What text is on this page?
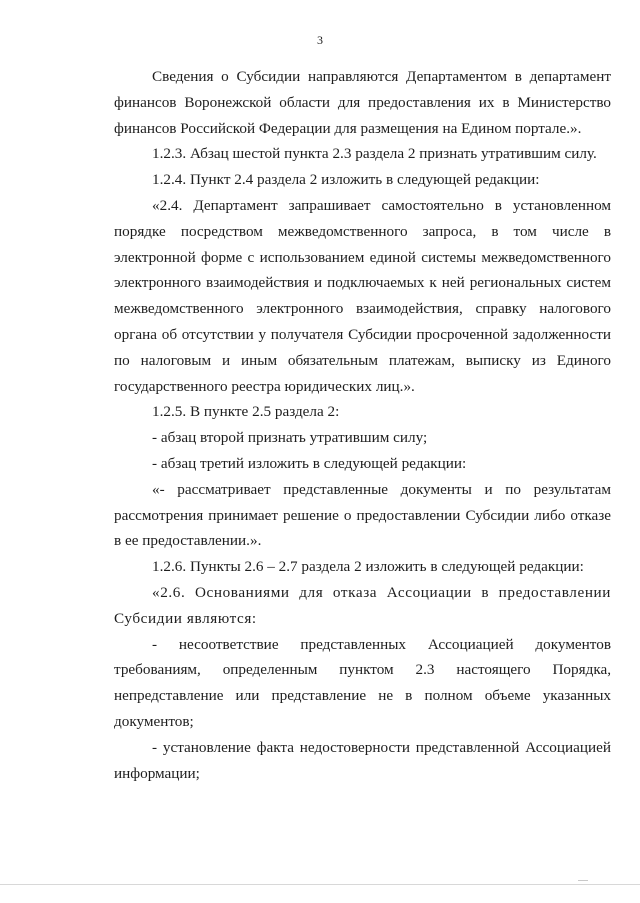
3

Сведения о Субсидии направляются Департаментом в департамент финансов Воронежской области для предоставления их в Министерство финансов Российской Федерации для размещения на Едином портале.».

1.2.3. Абзац шестой пункта 2.3 раздела 2 признать утратившим силу.

1.2.4. Пункт 2.4 раздела 2 изложить в следующей редакции:

«2.4. Департамент запрашивает самостоятельно в установленном порядке посредством межведомственного запроса, в том числе в электронной форме с использованием единой системы межведомственного электронного взаимодействия и подключаемых к ней региональных систем межведомственного электронного взаимодействия, справку налогового органа об отсутствии у получателя Субсидии просроченной задолженности по налоговым и иным обязательным платежам, выписку из Единого государственного реестра юридических лиц.».

1.2.5. В пункте 2.5 раздела 2:

- абзац второй признать утратившим силу;

- абзац третий изложить в следующей редакции:

«- рассматривает представленные документы и по результатам рассмотрения принимает решение о предоставлении Субсидии либо отказе в ее предоставлении.».

1.2.6. Пункты 2.6 – 2.7 раздела 2 изложить в следующей редакции:

«2.6. Основаниями для отказа Ассоциации в предоставлении Субсидии являются:

- несоответствие представленных Ассоциацией документов требованиям, определенным пунктом 2.3 настоящего Порядка, непредставление или представление не в полном объеме указанных документов;

- установление факта недостоверности представленной Ассоциацией информации;
